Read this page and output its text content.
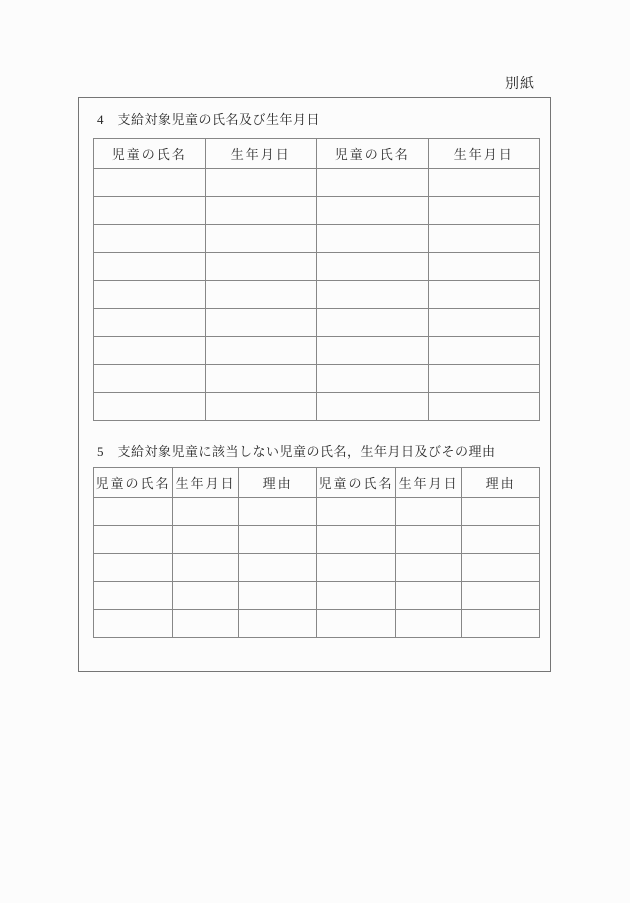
別紙
4　支給対象児童の氏名及び生年月日
児童の氏名	生年月日	児童の氏名	生年月日

5　支給対象児童に該当しない児童の氏名，生年月日及びその理由
児童の氏名	生年月日	理由	児童の氏名	生年月日	理由
